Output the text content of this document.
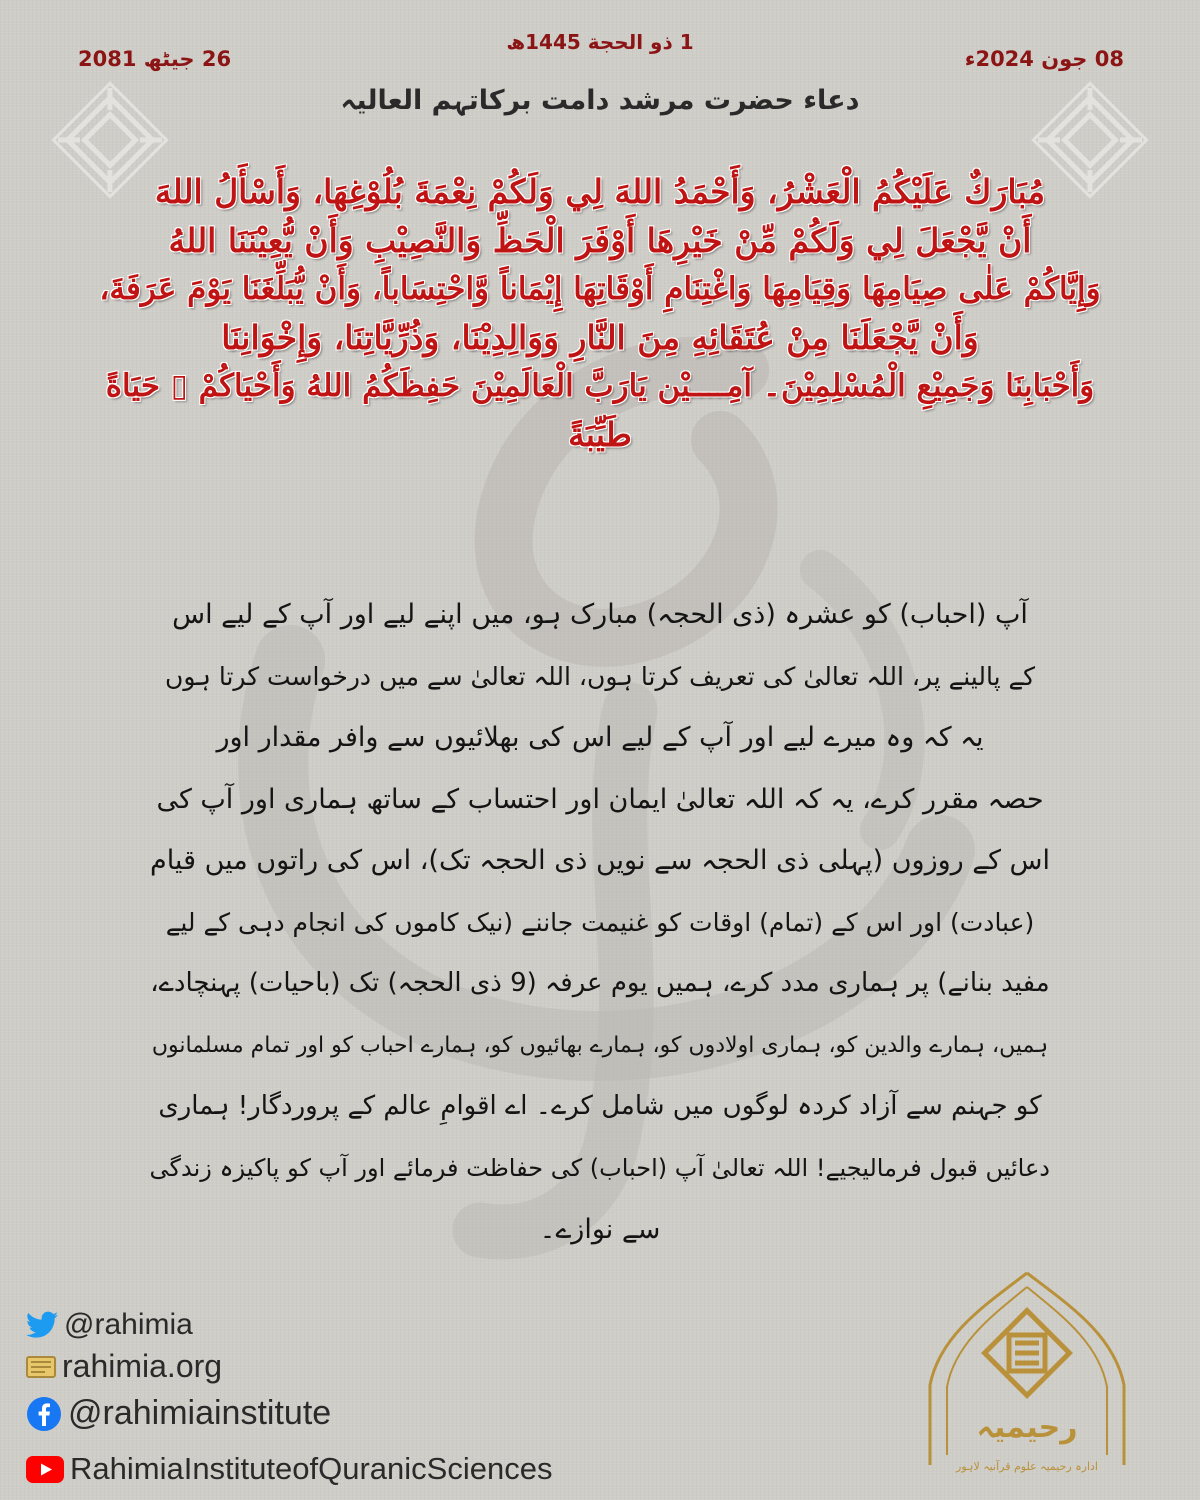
1 ذو الحجة 1445ھ
26 جیٹھ 2081	08 جون 2024ء
دعاء حضرت مرشد دامت برکاتہم العالیہ
مُبَارَكٌ عَلَيْكُمُ الْعَشْرُ، وَأَحْمَدُ اللهَ لِي وَلَكُمْ نِعْمَةَ بُلُوْغِهَا، وَأَسْأَلُ اللهَ
أَنْ يَّجْعَلَ لِي وَلَكُمْ مِّنْ خَيْرِهَا أَوْفَرَ الْحَظِّ وَالنَّصِيْبِ وَأَنْ يُّعِيْنَنَا اللهُ
وَإِيَّاكُمْ عَلٰى صِيَامِهَا وَقِيَامِهَا وَاغْتِنَامِ أَوْقَاتِهَا إِيْمَاناً وَّاحْتِسَاباً، وَأَنْ يُّبَلِّغَنَا يَوْمَ عَرَفَةَ،
وَأَنْ يَّجْعَلَنَا مِنْ عُتَقَائِهِ مِنَ النَّارِ وَوَالِدِيْنَا، وَذُرِّيَّاتِنَا، وَإِخْوَانِنَا
وَأَحْبَابِنَا وَجَمِيْعِ الْمُسْلِمِيْنَ۔ آمِــــيْن يَارَبَّ الْعَالَمِيْنَ حَفِظَكُمُ اللهُ وَأَحْيَاكُمْ ▯ حَيَاةً
طَيِّبَةً
آپ (احباب) کو عشرہ (ذی الحجہ) مبارک ہو، میں اپنے لیے اور آپ کے لیے اس
کے پالینے پر، اللہ تعالیٰ کی تعریف کرتا ہوں، اللہ تعالیٰ سے میں درخواست کرتا ہوں
یہ کہ وہ میرے لیے اور آپ کے لیے اس کی بھلائیوں سے وافر مقدار اور
حصہ مقرر کرے، یہ کہ اللہ تعالیٰ ایمان اور احتساب کے ساتھ ہماری اور آپ کی
اس کے روزوں (پہلی ذی الحجہ سے نویں ذی الحجہ تک)، اس کی راتوں میں قیام
(عبادت) اور اس کے (تمام) اوقات کو غنیمت جاننے (نیک کاموں کی انجام دہی کے لیے
مفید بنانے) پر ہماری مدد کرے، ہمیں یوم عرفہ (9 ذی الحجہ) تک (باحیات) پہنچادے،
ہمیں، ہمارے والدین کو، ہماری اولادوں کو، ہمارے بھائیوں کو، ہمارے احباب کو اور تمام مسلمانوں
کو جہنم سے آزاد کردہ لوگوں میں شامل کرے۔ اے اقوامِ عالم کے پروردگار! ہماری
دعائیں قبول فرمالیجیے! اللہ تعالیٰ آپ (احباب) کی حفاظت فرمائے اور آپ کو پاکیزہ زندگی
سے نوازے۔
@rahimia
rahimia.org
@rahimiainstitute
RahimiaInstituteofQuranicSciences
رحیمیہ
ادارہ رحیمیہ علوم قرآنیہ لاہور
